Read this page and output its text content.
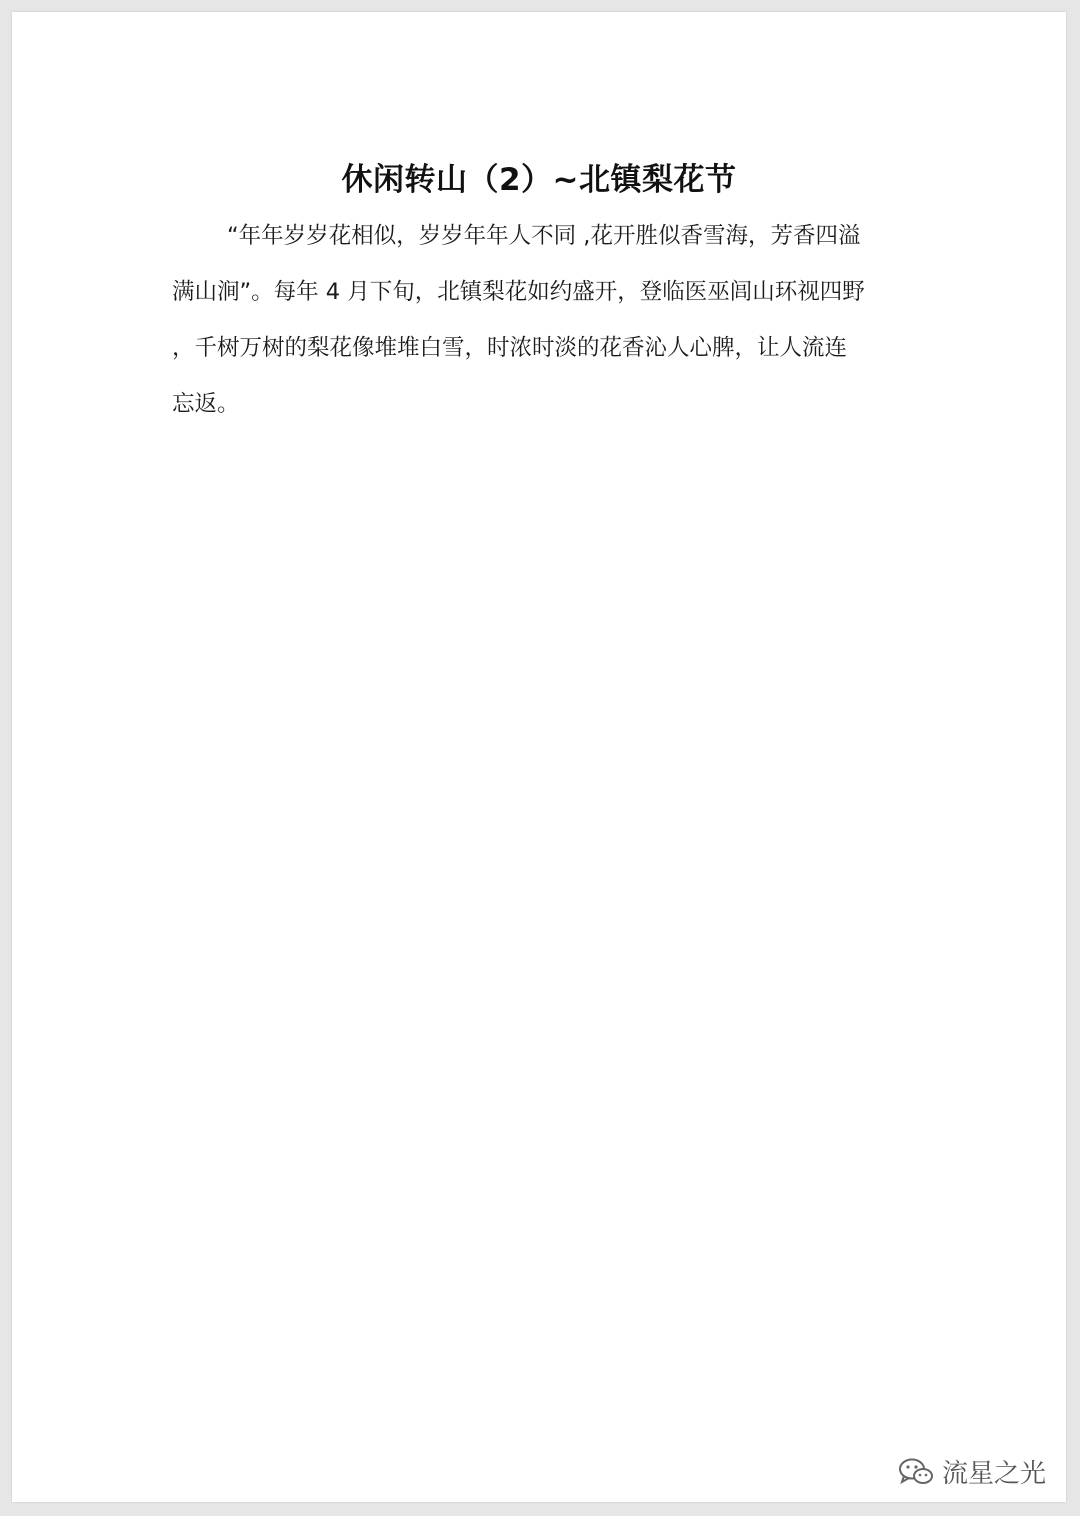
休闲转山（2）~北镇梨花节

“年年岁岁花相似，岁岁年年人不同 ,花开胜似香雪海，芳香四溢
满山涧”。每年 4 月下旬，北镇梨花如约盛开，登临医巫闾山环视四野
，千树万树的梨花像堆堆白雪，时浓时淡的花香沁人心脾，让人流连
忘返。

流星之光
